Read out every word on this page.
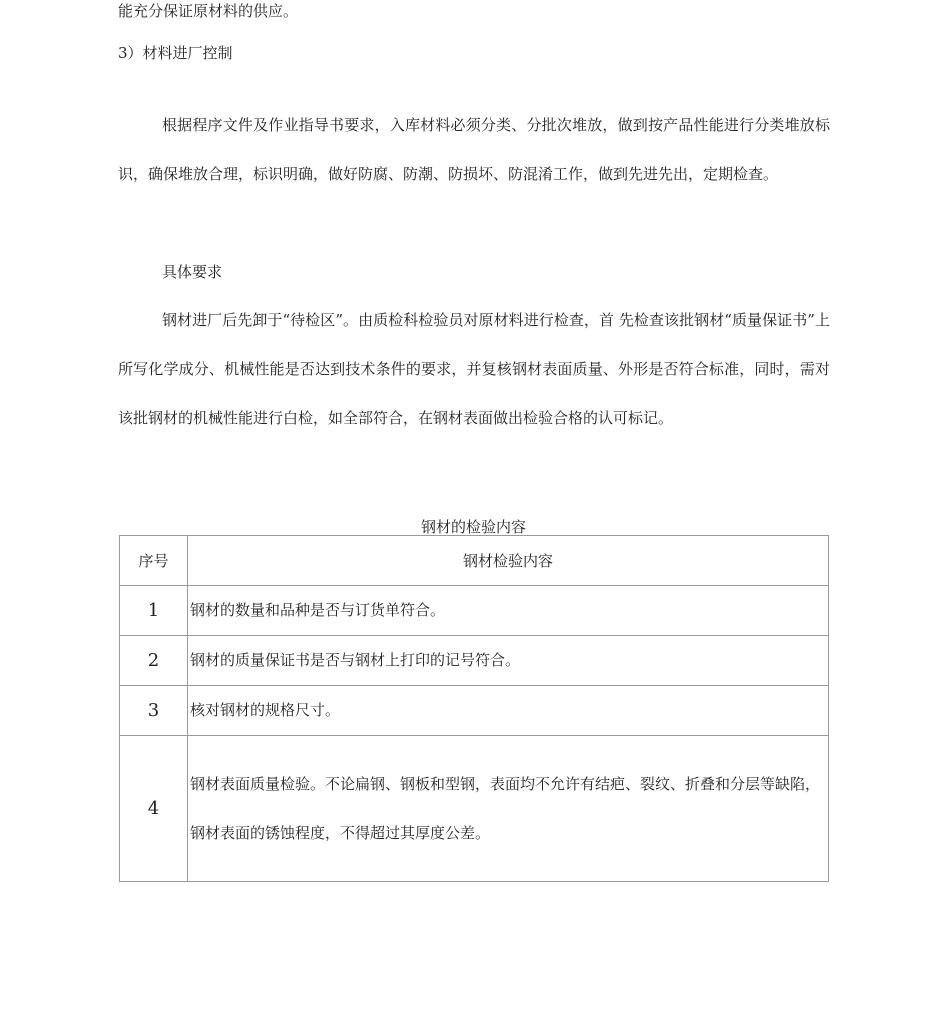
能充分保证原材料的供应。
3）材料进厂控制
根据程序文件及作业指导书要求，入库材料必须分类、分批次堆放，做到按产品性能进行分类堆放标识，确保堆放合理，标识明确，做好防腐、防潮、防损坏、防混淆工作，做到先进先出，定期检查。
具体要求
钢材进厂后先卸于“待检区”。由质检科检验员对原材料进行检查，首 先检查该批钢材“质量保证书”上所写化学成分、机械性能是否达到技术条件的要求，并复核钢材表面质量、外形是否符合标准，同时，需对该批钢材的机械性能进行白检，如全部符合，在钢材表面做出检验合格的认可标记。
钢材的检验内容
序号	钢材检验内容
1	钢材的数量和品种是否与订货单符合。
2	钢材的质量保证书是否与钢材上打印的记号符合。
3	核对钢材的规格尺寸。
4	钢材表面质量检验。不论扁钢、钢板和型钢，表面均不允许有结疤、裂纹、折叠和分层等缺陷，钢材表面的锈蚀程度，不得超过其厚度公差。
